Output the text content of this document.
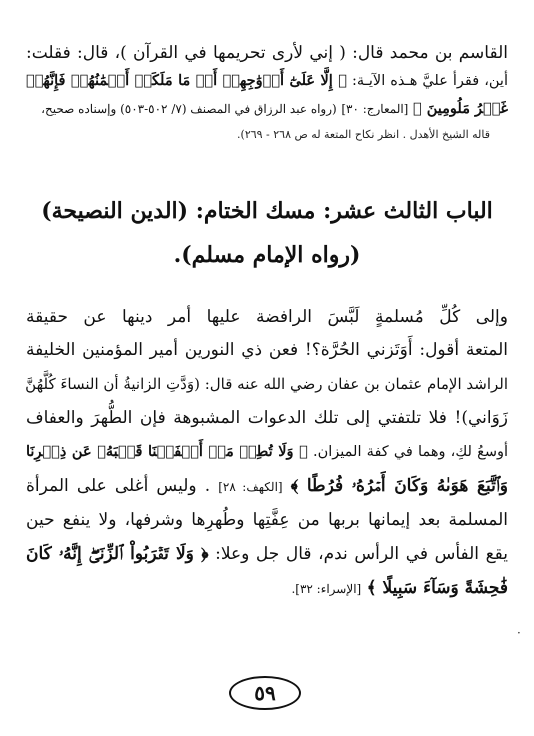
القاسم بن محمد قال: ( إني لأرى تحريمها في القرآن )، قال: فقلت:
أين، فقرأ عليَّ هـذه الآيـة: ﴿ إِلَّا عَلَىٰٓ أَزۡوَٰجِهِمۡ أَوۡ مَا مَلَكَتۡ أَيۡمَٰنُهُمۡ فَإِنَّهُمۡ
غَيۡرُ مَلُومِينَ ﴾ [المعارج: ٣٠] (رواه عبد الرزاق في المصنف (٧/ ٥٠٢-٥٠٣) وإسناده صحيح،
قاله الشيخ الأهدل . انظر نكاح المتعة له ص ٢٦٨ - ٢٦٩).
الباب الثالث عشر: مسك الختام: (الدين النصيحة)
(رواه الإمام مسلم).
وإلى كُلِّ مُسلمةٍ لَبَّسَ الرافضة عليها أمر دينها عن حقيقة
المتعة أقول: أَوَتَزني الحُرَّة؟! فعن ذي النورين أمير المؤمنين الخليفة
الراشد الإمام عثمان بن عفان رضي الله عنه قال: (وَدَّتِ الزانيةُ أن النساءَ كُلَّهُنَّ
زَوَاني)! فلا تلتفتي إلى تلك الدعوات المشبوهة فإن الطُّهرَ والعفاف
أوسعُ لكِ، وهما في كفة الميزان. ﴿ وَلَا تُطِعۡ مَنۡ أَغۡفَلۡنَا قَلۡبَهُۥ عَن ذِكۡرِنَا
وَٱتَّبَعَ هَوَىٰهُ وَكَانَ أَمۡرُهُۥ فُرُطًا ﴾ [الكهف: ٢٨] . وليس أغلى على المرأة
المسلمة بعد إيمانها بربها من عِفَّتِها وطُهرِها وشرفها، ولا ينفع حين
يقع الفأس في الرأس ندم، قال جل وعلا: ﴿ وَلَا تَقۡرَبُواْ ٱلزِّنَىٰٓۖ إِنَّهُۥ كَانَ
فَٰحِشَةً وَسَآءَ سَبِيلًا ﴾ [الإسراء: ٣٢].
·
٥٩
